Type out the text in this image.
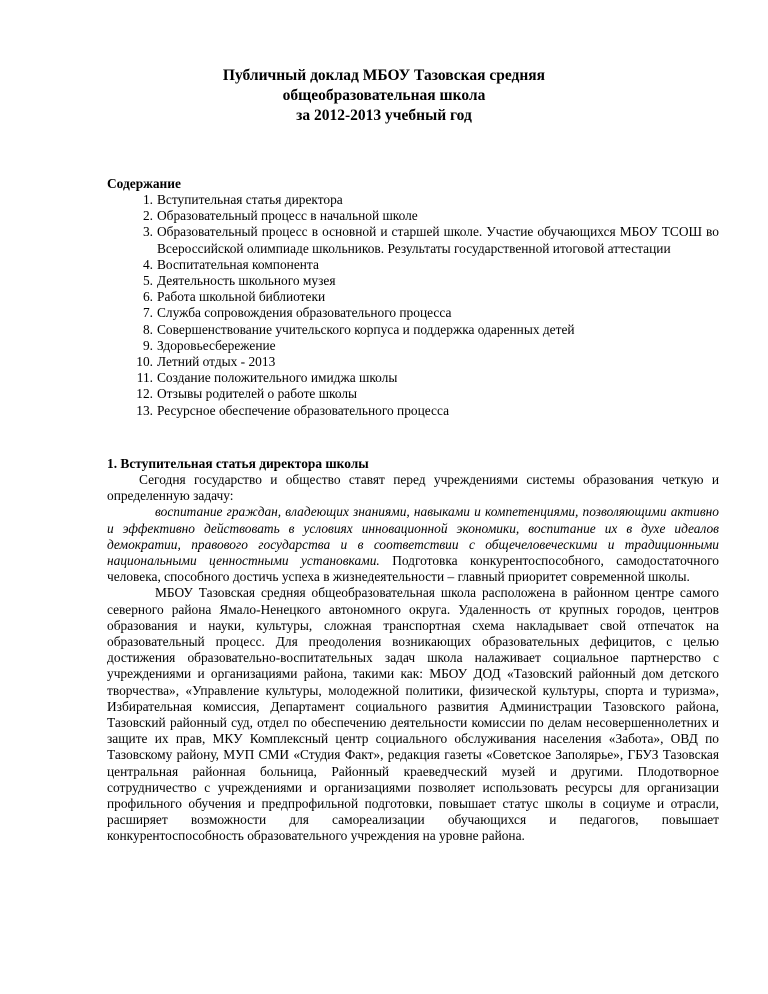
Публичный доклад МБОУ Тазовская средняя
общеобразовательная школа
за 2012-2013 учебный год
Содержание
1. Вступительная статья директора
2. Образовательный процесс в начальной школе
3. Образовательный процесс в основной и старшей школе. Участие обучающихся МБОУ ТСОШ во Всероссийской олимпиаде школьников. Результаты государственной итоговой аттестации
4. Воспитательная компонента
5. Деятельность школьного музея
6. Работа школьной библиотеки
7. Служба сопровождения образовательного процесса
8. Совершенствование учительского корпуса и поддержка одаренных детей
9. Здоровьесбережение
10. Летний отдых - 2013
11. Создание положительного имиджа школы
12. Отзывы родителей о работе школы
13. Ресурсное обеспечение образовательного процесса
1. Вступительная статья директора школы

Сегодня государство и общество ставят перед учреждениями системы образования четкую и определенную задачу:

воспитание граждан, владеющих знаниями, навыками и компетенциями, позволяющими активно и эффективно действовать в условиях инновационной экономики, воспитание их в духе идеалов демократии, правового государства и в соответствии с общечеловеческими и традиционными национальными ценностными установками. Подготовка конкурентоспособного, самодостаточного человека, способного достичь успеха в жизнедеятельности – главный приоритет современной школы.

МБОУ Тазовская средняя общеобразовательная школа расположена в районном центре самого северного района Ямало-Ненецкого автономного округа. Удаленность от крупных городов, центров образования и науки, культуры, сложная транспортная схема накладывает свой отпечаток на образовательный процесс. Для преодоления возникающих образовательных дефицитов, с целью достижения образовательно-воспитательных задач школа налаживает социальное партнерство с учреждениями и организациями района, такими как: МБОУ ДОД «Тазовский районный дом детского творчества», «Управление культуры, молодежной политики, физической культуры, спорта и туризма», Избирательная комиссия, Департамент социального развития Администрации Тазовского района, Тазовский районный суд, отдел по обеспечению деятельности комиссии по делам несовершеннолетних и защите их прав, МКУ Комплексный центр социального обслуживания населения «Забота», ОВД по Тазовскому району, МУП СМИ «Студия Факт», редакция газеты «Советское Заполярье», ГБУЗ Тазовская центральная районная больница, Районный краеведческий музей и другими. Плодотворное сотрудничество с учреждениями и организациями позволяет использовать ресурсы для организации профильного обучения и предпрофильной подготовки, повышает статус школы в социуме и отрасли, расширяет возможности для самореализации обучающихся и педагогов, повышает конкурентоспособность образовательного учреждения на уровне района.
